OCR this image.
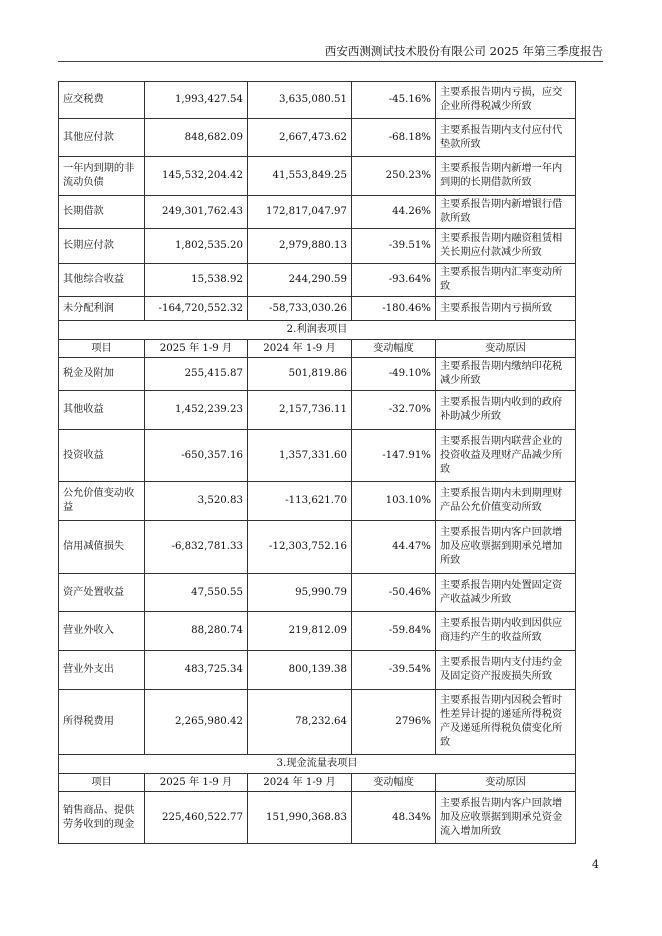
西安西测测试技术股份有限公司 2025 年第三季度报告
应交税费	1,993,427.54	3,635,080.51	-45.16%	主要系报告期内亏损，应交企业所得税减少所致
其他应付款	848,682.09	2,667,473.62	-68.18%	主要系报告期内支付应付代垫款所致
一年内到期的非流动负债	145,532,204.42	41,553,849.25	250.23%	主要系报告期内新增一年内到期的长期借款所致
长期借款	249,301,762.43	172,817,047.97	44.26%	主要系报告期内新增银行借款所致
长期应付款	1,802,535.20	2,979,880.13	-39.51%	主要系报告期内融资租赁相关长期应付款减少所致
其他综合收益	15,538.92	244,290.59	-93.64%	主要系报告期内汇率变动所致
未分配利润	-164,720,552.32	-58,733,030.26	-180.46%	主要系报告期内亏损所致
2.利润表项目				
项目	2025 年 1-9 月	2024 年 1-9 月	变动幅度	变动原因
税金及附加	255,415.87	501,819.86	-49.10%	主要系报告期内缴纳印花税减少所致
其他收益	1,452,239.23	2,157,736.11	-32.70%	主要系报告期内收到的政府补助减少所致
投资收益	-650,357.16	1,357,331.60	-147.91%	主要系报告期内联营企业的投资收益及理财产品减少所致
公允价值变动收益	3,520.83	-113,621.70	103.10%	主要系报告期内未到期理财产品公允价值变动所致
信用减值损失	-6,832,781.33	-12,303,752.16	44.47%	主要系报告期内客户回款增加及应收票据到期承兑增加所致
资产处置收益	47,550.55	95,990.79	-50.46%	主要系报告期内处置固定资产收益减少所致
营业外收入	88,280.74	219,812.09	-59.84%	主要系报告期内收到因供应商违约产生的收益所致
营业外支出	483,725.34	800,139.38	-39.54%	主要系报告期内支付违约金及固定资产报废损失所致
所得税费用	2,265,980.42	78,232.64	2796%	主要系报告期内因税会暂时性差异计提的递延所得税资产及递延所得税负债变化所致
3.现金流量表项目				
项目	2025 年 1-9 月	2024 年 1-9 月	变动幅度	变动原因
销售商品、提供劳务收到的现金	225,460,522.77	151,990,368.83	48.34%	主要系报告期内客户回款增加及应收票据到期承兑资金流入增加所致
4
